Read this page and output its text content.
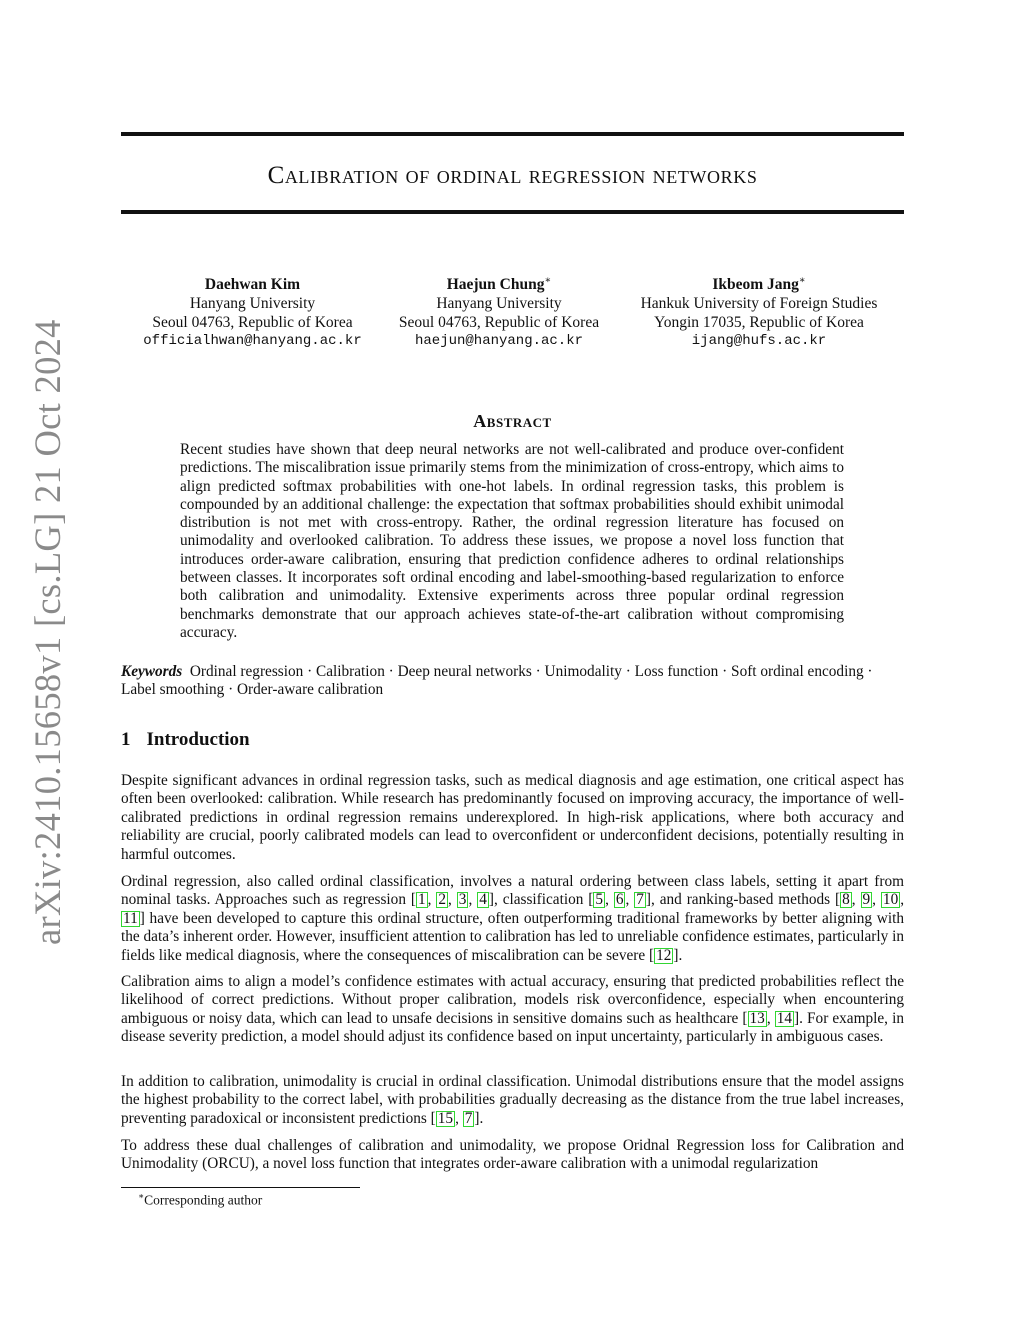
Calibration of ordinal regression networks
arXiv:2410.15658v1 [cs.LG] 21 Oct 2024
Daehwan Kim
Hanyang University
Seoul 04763, Republic of Korea
officialhwan@hanyang.ac.kr
Haejun Chung∗
Hanyang University
Seoul 04763, Republic of Korea
haejun@hanyang.ac.kr
Ikbeom Jang∗
Hankuk University of Foreign Studies
Yongin 17035, Republic of Korea
ijang@hufs.ac.kr
Abstract

Recent studies have shown that deep neural networks are not well-calibrated and produce over-confident predictions. The miscalibration issue primarily stems from the minimization of cross-entropy, which aims to align predicted softmax probabilities with one-hot labels. In ordinal regression tasks, this problem is compounded by an additional challenge: the expectation that softmax probabilities should exhibit unimodal distribution is not met with cross-entropy. Rather, the ordinal regression literature has focused on unimodality and overlooked calibration. To address these issues, we propose a novel loss function that introduces order-aware calibration, ensuring that prediction confidence adheres to ordinal relationships between classes. It incorporates soft ordinal encoding and label-smoothing-based regularization to enforce both calibration and unimodality. Extensive experiments across three popular ordinal regression benchmarks demonstrate that our approach achieves state-of-the-art calibration without compromising accuracy.

Keywords Ordinal regression · Calibration · Deep neural networks · Unimodality · Loss function · Soft ordinal encoding · Label smoothing · Order-aware calibration

1 Introduction

Despite significant advances in ordinal regression tasks, such as medical diagnosis and age estimation, one critical aspect has often been overlooked: calibration. While research has predominantly focused on improving accuracy, the importance of well-calibrated predictions in ordinal regression remains underexplored. In high-risk applications, where both accuracy and reliability are crucial, poorly calibrated models can lead to overconfident or underconfident decisions, potentially resulting in harmful outcomes.

Ordinal regression, also called ordinal classification, involves a natural ordering between class labels, setting it apart from nominal tasks. Approaches such as regression [ 1 , 2 , 3 , 4 ], classification [ 5 , 6 , 7 ], and ranking-based methods [ 8 , 9 , 10 , 11 ] have been developed to capture this ordinal structure, often outperforming traditional frameworks by better aligning with the data’s inherent order. However, insufficient attention to calibration has led to unreliable confidence estimates, particularly in fields like medical diagnosis, where the consequences of miscalibration can be severe [ 12 ].

Calibration aims to align a model’s confidence estimates with actual accuracy, ensuring that predicted probabilities reflect the likelihood of correct predictions. Without proper calibration, models risk overconfidence, especially when encountering ambiguous or noisy data, which can lead to unsafe decisions in sensitive domains such as healthcare [ 13 , 14 ]. For example, in disease severity prediction, a model should adjust its confidence based on input uncertainty, particularly in ambiguous cases.

In addition to calibration, unimodality is crucial in ordinal classification. Unimodal distributions ensure that the model assigns the highest probability to the correct label, with probabilities gradually decreasing as the distance from the true label increases, preventing paradoxical or inconsistent predictions [ 15 , 7 ].

To address these dual challenges of calibration and unimodality, we propose Oridnal Regression loss for Calibration and Unimodality (ORCU), a novel loss function that integrates order-aware calibration with a unimodal regularization

∗Corresponding author
